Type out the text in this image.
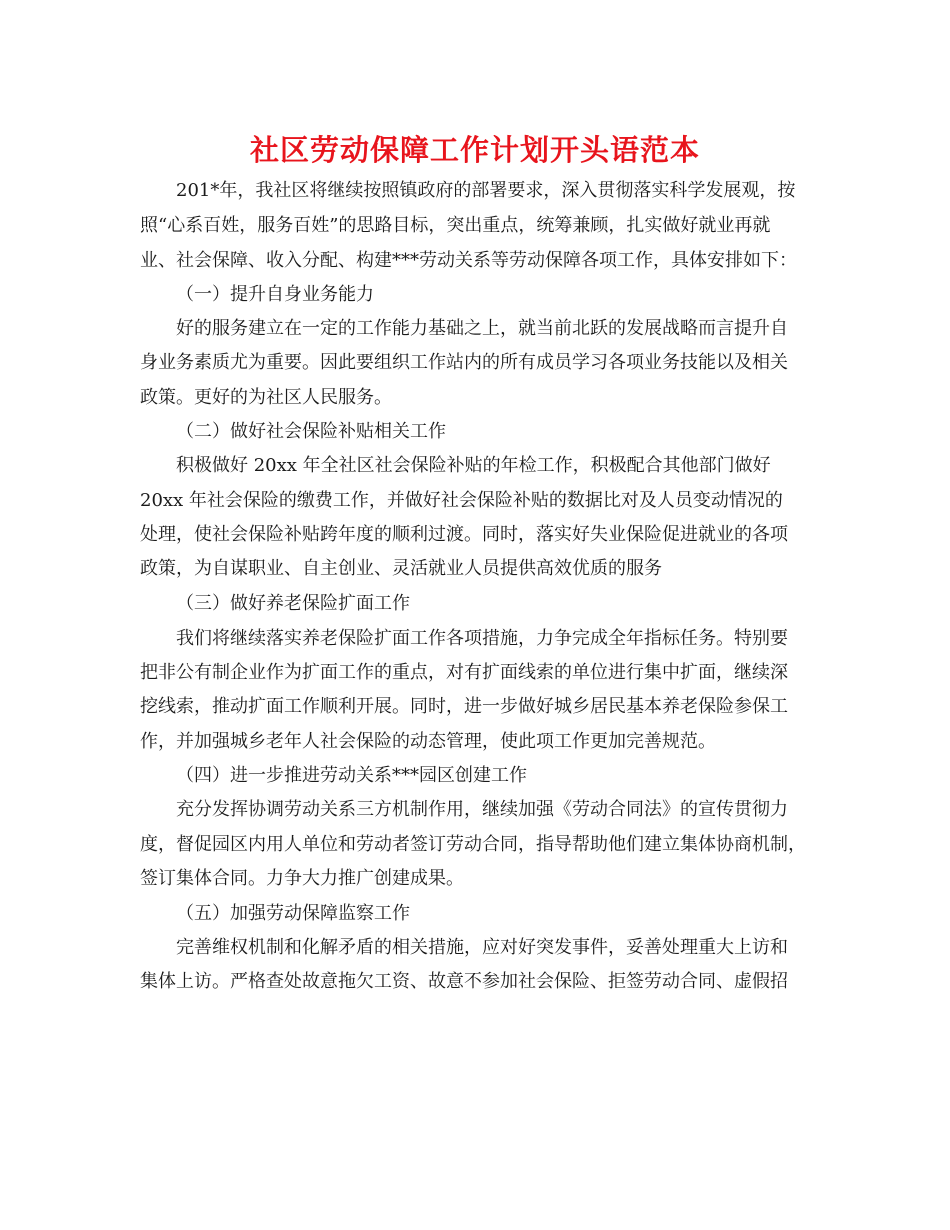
社区劳动保障工作计划开头语范本
201*年，我社区将继续按照镇政府的部署要求，深入贯彻落实科学发展观，按
照“心系百姓，服务百姓”的思路目标，突出重点，统筹兼顾，扎实做好就业再就
业、社会保障、收入分配、构建***劳动关系等劳动保障各项工作，具体安排如下：
（一）提升自身业务能力
好的服务建立在一定的工作能力基础之上，就当前北跃的发展战略而言提升自
身业务素质尤为重要。因此要组织工作站内的所有成员学习各项业务技能以及相关
政策。更好的为社区人民服务。
（二）做好社会保险补贴相关工作
积极做好 20xx 年全社区社会保险补贴的年检工作，积极配合其他部门做好
20xx 年社会保险的缴费工作，并做好社会保险补贴的数据比对及人员变动情况的
处理，使社会保险补贴跨年度的顺利过渡。同时，落实好失业保险促进就业的各项
政策，为自谋职业、自主创业、灵活就业人员提供高效优质的服务
（三）做好养老保险扩面工作
我们将继续落实养老保险扩面工作各项措施，力争完成全年指标任务。特别要
把非公有制企业作为扩面工作的重点，对有扩面线索的单位进行集中扩面，继续深
挖线索，推动扩面工作顺利开展。同时，进一步做好城乡居民基本养老保险参保工
作，并加强城乡老年人社会保险的动态管理，使此项工作更加完善规范。
（四）进一步推进劳动关系***园区创建工作
充分发挥协调劳动关系三方机制作用，继续加强《劳动合同法》的宣传贯彻力
度，督促园区内用人单位和劳动者签订劳动合同，指导帮助他们建立集体协商机制，
签订集体合同。力争大力推广创建成果。
（五）加强劳动保障监察工作
完善维权机制和化解矛盾的相关措施，应对好突发事件，妥善处理重大上访和
集体上访。严格查处故意拖欠工资、故意不参加社会保险、拒签劳动合同、虚假招
